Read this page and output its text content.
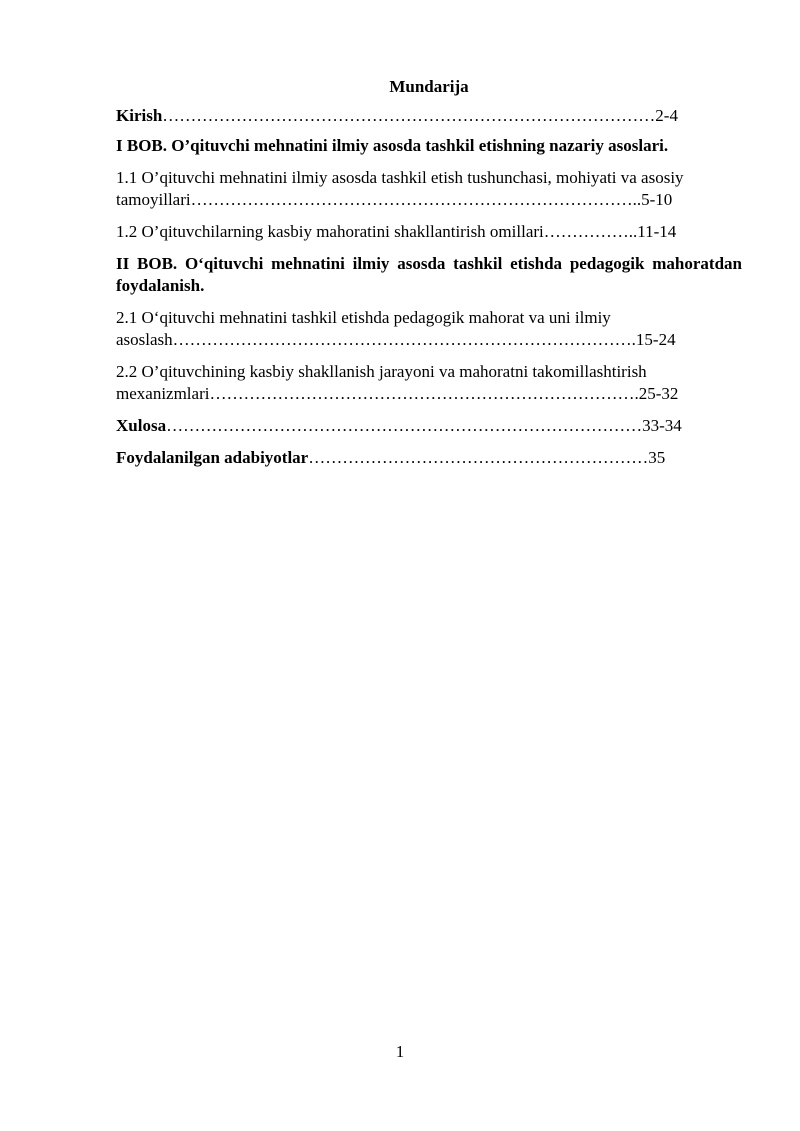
Mundarija
Kirish……………………………………………………………………………2-4
I BOB. O’qituvchi mehnatini ilmiy asosda tashkil etishning nazariy asoslari.
1.1 O’qituvchi mehnatini ilmiy asosda tashkil etish tushunchasi, mohiyati va asosiy
tamoyillari……………………………………………………………………..5-10
1.2 O’qituvchilarning kasbiy mahoratini shakllantirish omillari……………..11-14
II BOB. O‘qituvchi mehnatini ilmiy asosda tashkil etishda pedagogik mahoratdan foydalanish.
2.1 O‘qituvchi mehnatini tashkil etishda pedagogik mahorat va uni ilmiy
asoslash……………………………………………………………………….15-24
2.2 O’qituvchining kasbiy shakllanish jarayoni va mahoratni takomillashtirish
mexanizmlari………………………………………………………………….25-32
Xulosa…………………………………………………………………………33-34
Foydalanilgan adabiyotlar……………………………………………………35
1
